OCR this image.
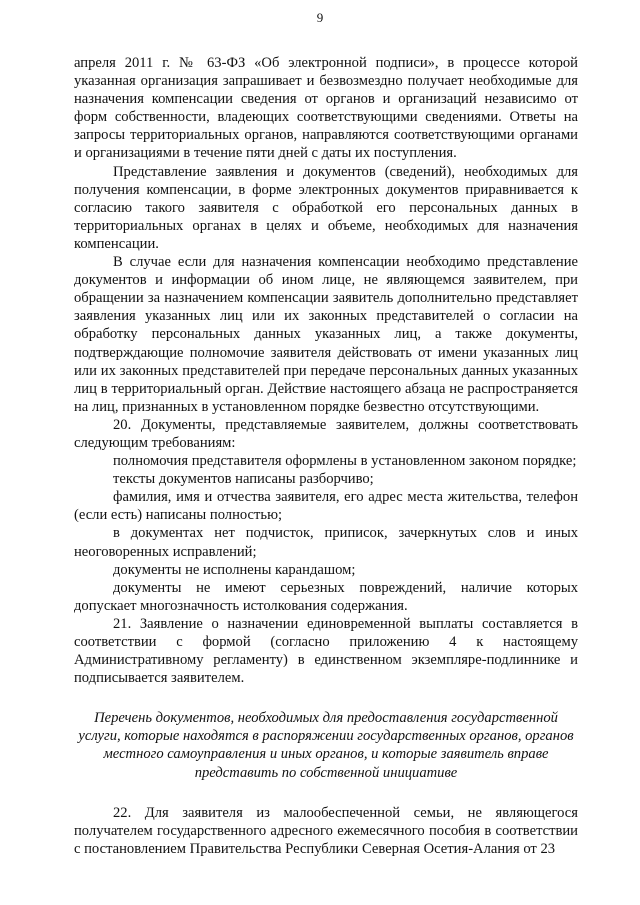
9

апреля 2011 г. № 63-ФЗ «Об электронной подписи», в процессе которой указанная организация запрашивает и безвозмездно получает необходимые для назначения компенсации сведения от органов и организаций независимо от форм собственности, владеющих соответствующими сведениями. Ответы на запросы территориальных органов, направляются соответствующими органами и организациями в течение пяти дней с даты их поступления.

Представление заявления и документов (сведений), необходимых для получения компенсации, в форме электронных документов приравнивается к согласию такого заявителя с обработкой его персональных данных в территориальных органах в целях и объеме, необходимых для назначения компенсации.

В случае если для назначения компенсации необходимо представление документов и информации об ином лице, не являющемся заявителем, при обращении за назначением компенсации заявитель дополнительно представляет заявления указанных лиц или их законных представителей о согласии на обработку персональных данных указанных лиц, а также документы, подтверждающие полномочие заявителя действовать от имени указанных лиц или их законных представителей при передаче персональных данных указанных лиц в территориальный орган. Действие настоящего абзаца не распространяется на лиц, признанных в установленном порядке безвестно отсутствующими.

20. Документы, представляемые заявителем, должны соответствовать следующим требованиям:

полномочия представителя оформлены в установленном законом порядке;

тексты документов написаны разборчиво;

фамилия, имя и отчества заявителя, его адрес места жительства, телефон (если есть) написаны полностью;

в документах нет подчисток, приписок, зачеркнутых слов и иных неоговоренных исправлений;

документы не исполнены карандашом;

документы не имеют серьезных повреждений, наличие которых допускает многозначность истолкования содержания.

21. Заявление о назначении единовременной выплаты составляется в соответствии с формой (согласно приложению 4 к настоящему Административному регламенту) в единственном экземпляре-подлиннике и подписывается заявителем.

Перечень документов, необходимых для предоставления государственной услуги, которые находятся в распоряжении государственных органов, органов местного самоуправления и иных органов, и которые заявитель вправе представить по собственной инициативе

22. Для заявителя из малообеспеченной семьи, не являющегося получателем государственного адресного ежемесячного пособия в соответствии с постановлением Правительства Республики Северная Осетия-Алания от 23
